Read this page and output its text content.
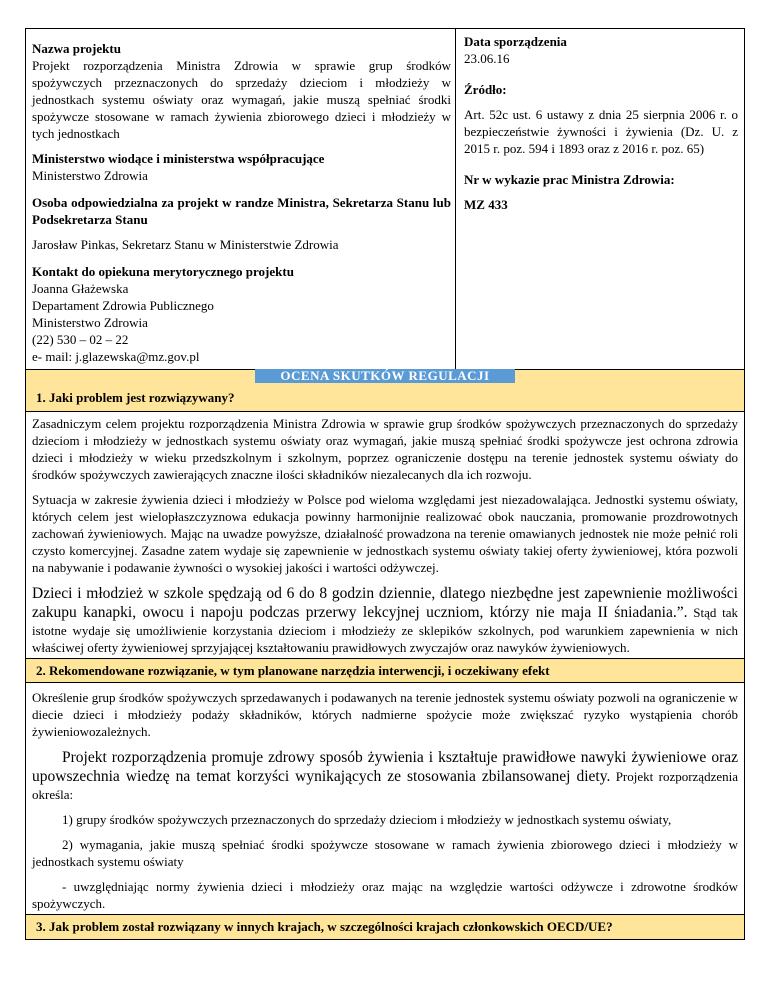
Nazwa projektu
Projekt rozporządzenia Ministra Zdrowia w sprawie grup środków spożywczych przeznaczonych do sprzedaży dzieciom i młodzieży w jednostkach systemu oświaty oraz wymagań, jakie muszą spełniać środki spożywcze stosowane w ramach żywienia zbiorowego dzieci i młodzieży w tych jednostkach
Ministerstwo wiodące i ministerstwa współpracujące
Ministerstwo Zdrowia
Osoba odpowiedzialna za projekt w randze Ministra, Sekretarza Stanu lub Podsekretarza Stanu
Jarosław Pinkas, Sekretarz Stanu w Ministerstwie Zdrowia
Kontakt do opiekuna merytorycznego projektu
Joanna Głażewska
Departament Zdrowia Publicznego
Ministerstwo Zdrowia
(22) 530 – 02 – 22
e- mail: j.glazewska@mz.gov.pl
Data sporządzenia
23.06.16
Źródło:
Art. 52c ust. 6 ustawy z dnia 25 sierpnia 2006 r. o bezpieczeństwie żywności i żywienia (Dz. U. z 2015 r. poz. 594 i 1893 oraz z 2016 r. poz. 65)
Nr w wykazie prac Ministra Zdrowia:
MZ 433
OCENA SKUTKÓW REGULACJI
1. Jaki problem jest rozwiązywany?
Zasadniczym celem projektu rozporządzenia Ministra Zdrowia w sprawie grup środków spożywczych przeznaczonych do sprzedaży dzieciom i młodzieży w jednostkach systemu oświaty oraz wymagań, jakie muszą spełniać środki spożywcze jest ochrona zdrowia dzieci i młodzieży w wieku przedszkolnym i szkolnym, poprzez ograniczenie dostępu na terenie jednostek systemu oświaty do środków spożywczych zawierających znaczne ilości składników niezalecanych dla ich rozwoju.
Sytuacja w zakresie żywienia dzieci i młodzieży w Polsce pod wieloma względami jest niezadowalająca. Jednostki systemu oświaty, których celem jest wielopłaszczyznowa edukacja powinny harmonijnie realizować obok nauczania, promowanie prozdrowotnych zachowań żywieniowych. Mając na uwadze powyższe, działalność prowadzona na terenie omawianych jednostek nie może pełnić roli czysto komercyjnej. Zasadne zatem wydaje się zapewnienie w jednostkach systemu oświaty takiej oferty żywieniowej, która pozwoli na nabywanie i podawanie żywności o wysokiej jakości i wartości odżywczej.
Dzieci i młodzież w szkole spędzają od 6 do 8 godzin dziennie, dlatego niezbędne jest zapewnienie możliwości zakupu kanapki, owocu i napoju podczas przerwy lekcyjnej uczniom, którzy nie maja II śniadania.”. Stąd tak istotne wydaje się umożliwienie korzystania dzieciom i młodzieży ze sklepików szkolnych, pod warunkiem zapewnienia w nich właściwej oferty żywieniowej sprzyjającej kształtowaniu prawidłowych zwyczajów oraz nawyków żywieniowych.
2. Rekomendowane rozwiązanie, w tym planowane narzędzia interwencji, i oczekiwany efekt
Określenie grup środków spożywczych sprzedawanych i podawanych na terenie jednostek systemu oświaty pozwoli na ograniczenie w diecie dzieci i młodzieży podaży składników, których nadmierne spożycie może zwiększać ryzyko wystąpienia chorób żywieniowozależnych.
Projekt rozporządzenia promuje zdrowy sposób żywienia i kształtuje prawidłowe nawyki żywieniowe oraz upowszechnia wiedzę na temat korzyści wynikających ze stosowania zbilansowanej diety. Projekt rozporządzenia określa:
1) grupy środków spożywczych przeznaczonych do sprzedaży dzieciom i młodzieży w jednostkach systemu oświaty,
2) wymagania, jakie muszą spełniać środki spożywcze stosowane w ramach żywienia zbiorowego dzieci i młodzieży w jednostkach systemu oświaty
- uwzględniając normy żywienia dzieci i młodzieży oraz mając na względzie wartości odżywcze i zdrowotne środków spożywczych.
3. Jak problem został rozwiązany w innych krajach, w szczególności krajach członkowskich OECD/UE?
